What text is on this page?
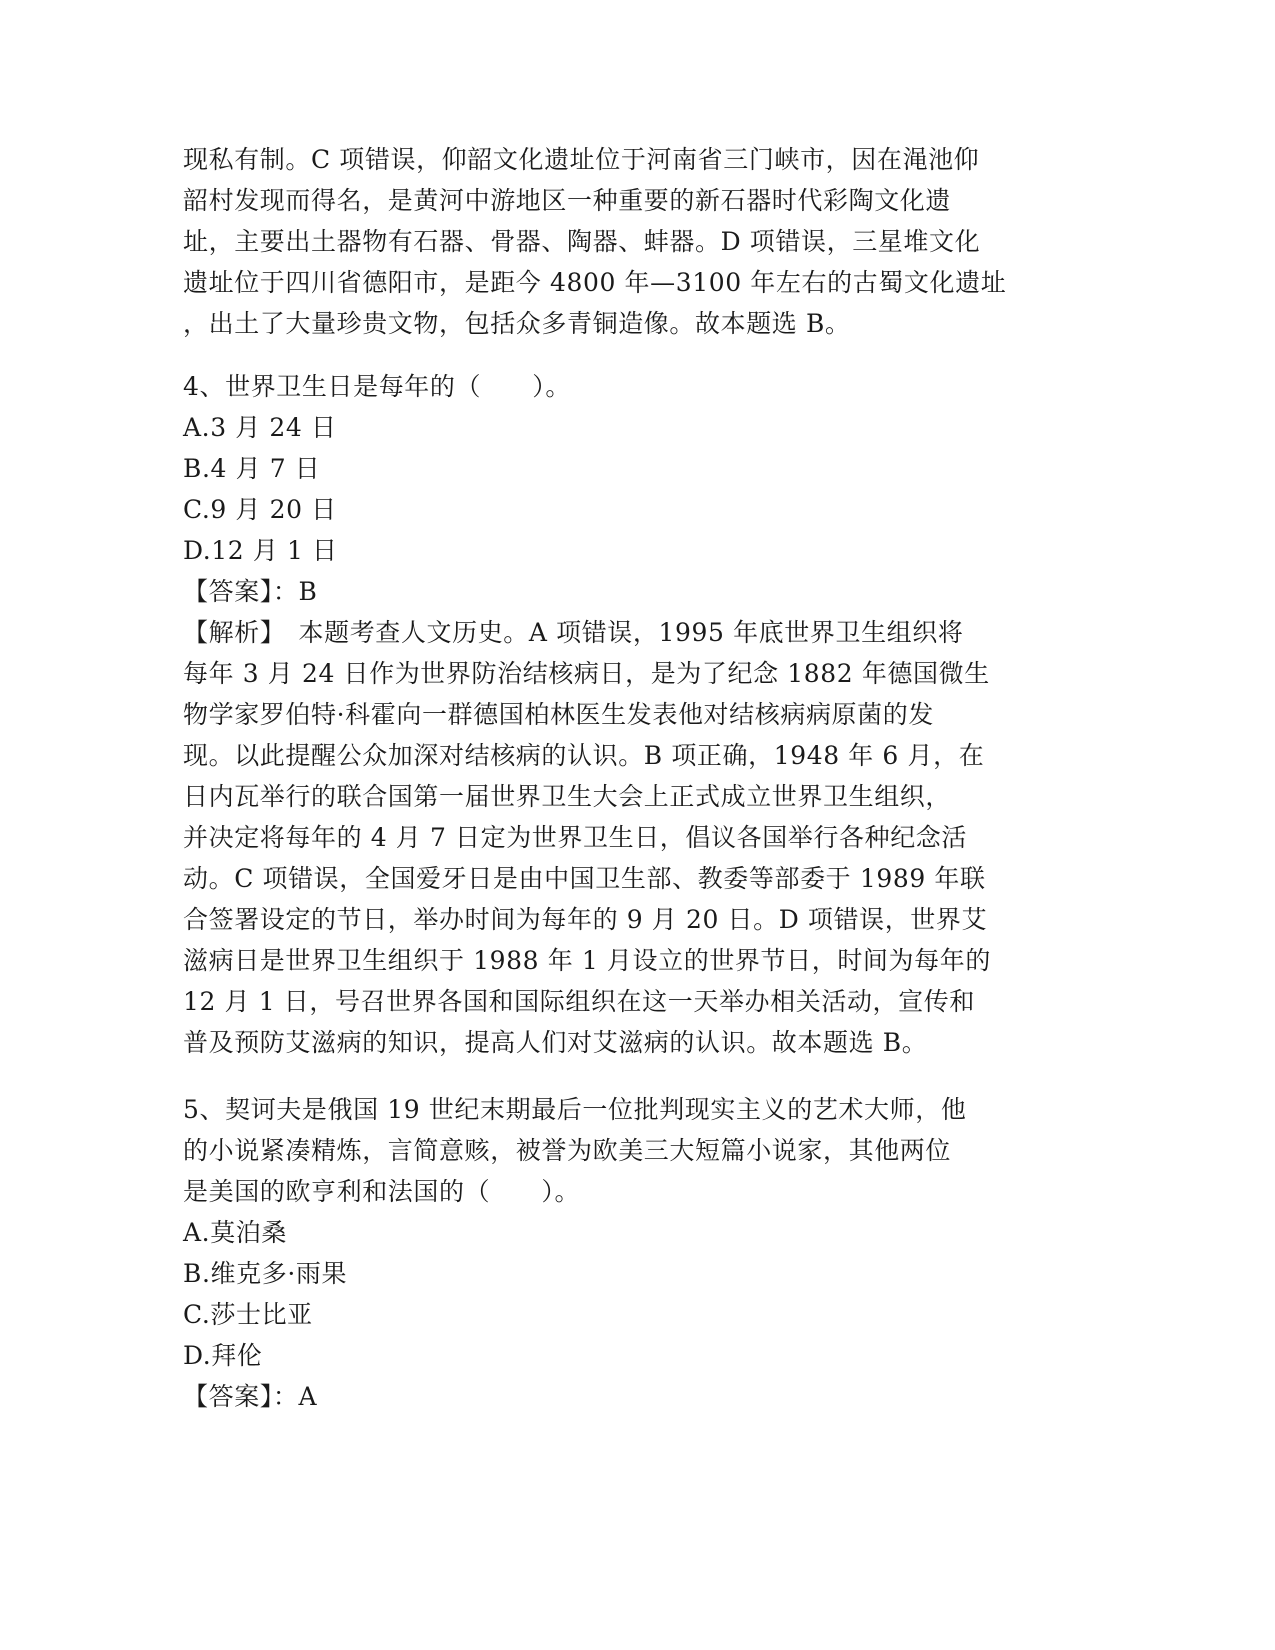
现私有制。C 项错误，仰韶文化遗址位于河南省三门峡市，因在渑池仰
韶村发现而得名，是黄河中游地区一种重要的新石器时代彩陶文化遗
址，主要出土器物有石器、骨器、陶器、蚌器。D 项错误，三星堆文化
遗址位于四川省德阳市，是距今 4800 年—3100 年左右的古蜀文化遗址
，出土了大量珍贵文物，包括众多青铜造像。故本题选 B。
4、世界卫生日是每年的（　　）。
A.3 月 24 日
B.4 月 7 日
C.9 月 20 日
D.12 月 1 日
【答案】：B
【解析】　本题考查人文历史。A 项错误，1995 年底世界卫生组织将
每年 3 月 24 日作为世界防治结核病日，是为了纪念 1882 年德国微生
物学家罗伯特·科霍向一群德国柏林医生发表他对结核病病原菌的发
现。以此提醒公众加深对结核病的认识。B 项正确，1948 年 6 月，在
日内瓦举行的联合国第一届世界卫生大会上正式成立世界卫生组织，
并决定将每年的 4 月 7 日定为世界卫生日，倡议各国举行各种纪念活
动。C 项错误，全国爱牙日是由中国卫生部、教委等部委于 1989 年联
合签署设定的节日，举办时间为每年的 9 月 20 日。D 项错误，世界艾
滋病日是世界卫生组织于 1988 年 1 月设立的世界节日，时间为每年的
12 月 1 日，号召世界各国和国际组织在这一天举办相关活动，宣传和
普及预防艾滋病的知识，提高人们对艾滋病的认识。故本题选 B。
5、契诃夫是俄国 19 世纪末期最后一位批判现实主义的艺术大师，他
的小说紧凑精炼，言简意赅，被誉为欧美三大短篇小说家，其他两位
是美国的欧亨利和法国的（　　）。
A.莫泊桑
B.维克多·雨果
C.莎士比亚
D.拜伦
【答案】：A
